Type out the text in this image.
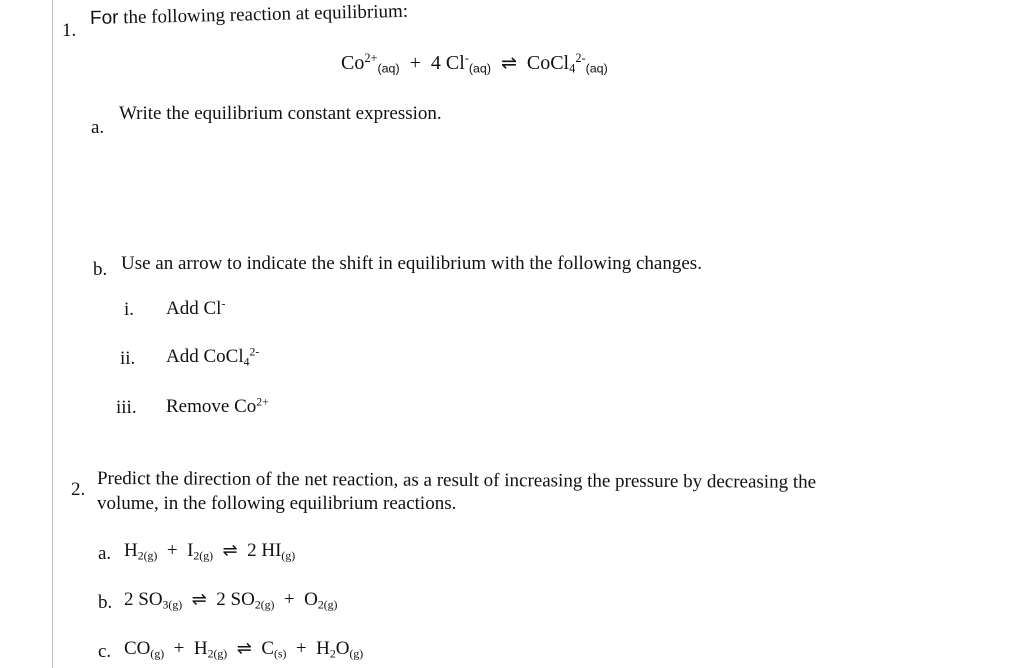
1.
For the following reaction at equilibrium:
$Co^{2+}_{(aq)} + 4$ $Cl^-_{(aq)}$ ⇌ CoCl$_4^{2-}_{(aq)}$
a.
Write the equilibrium constant expression.
b. Use an arrow to indicate the shift in equilibrium with the following changes.
i. Add Cl-
ii. Add CoCl$_4^{2-}$
iii. Remove $Co^{2+}$
2. Predict the direction of the net reaction, as a result of increasing the pressure by decreasing the
volume, in the following equilibrium reactions.
a. $H_{2(g)} + I_{2(g)}$ ⇌ 2 $HI_{(g)}$
b. 2 $SO_{3(g)}$ ⇌ 2 $SO_{2(g)} + O_{2(g)}$
c. $CO_{(g)} + H_{2(g)}$ ⇌ $C_{(s)} + H_2O_{(g)}$
